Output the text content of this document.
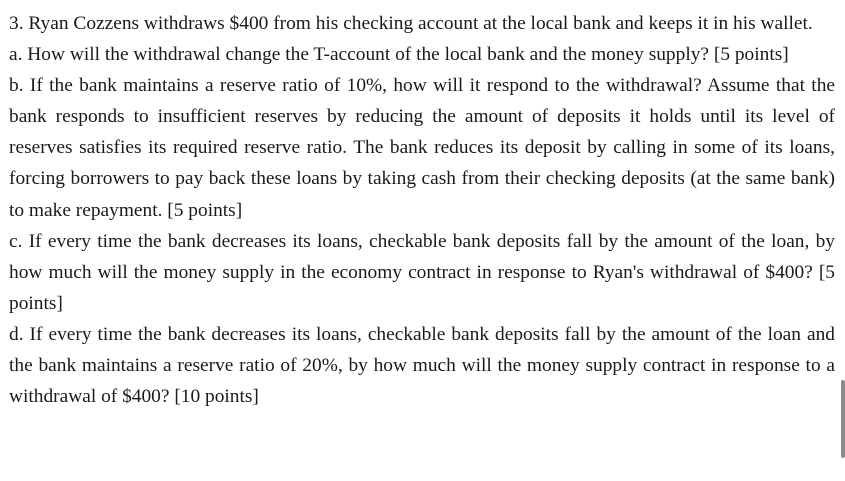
3. Ryan Cozzens withdraws $400 from his checking account at the local bank and keeps it in his wallet.

a. How will the withdrawal change the T-account of the local bank and the money supply? [5 points]

b. If the bank maintains a reserve ratio of 10%, how will it respond to the withdrawal? Assume that the bank responds to insufficient reserves by reducing the amount of deposits it holds until its level of reserves satisfies its required reserve ratio. The bank reduces its deposit by calling in some of its loans, forcing borrowers to pay back these loans by taking cash from their checking deposits (at the same bank) to make repayment. [5 points]

c. If every time the bank decreases its loans, checkable bank deposits fall by the amount of the loan, by how much will the money supply in the economy contract in response to Ryan's withdrawal of $400? [5 points]

d. If every time the bank decreases its loans, checkable bank deposits fall by the amount of the loan and the bank maintains a reserve ratio of 20%, by how much will the money supply contract in response to a withdrawal of $400? [10 points]
